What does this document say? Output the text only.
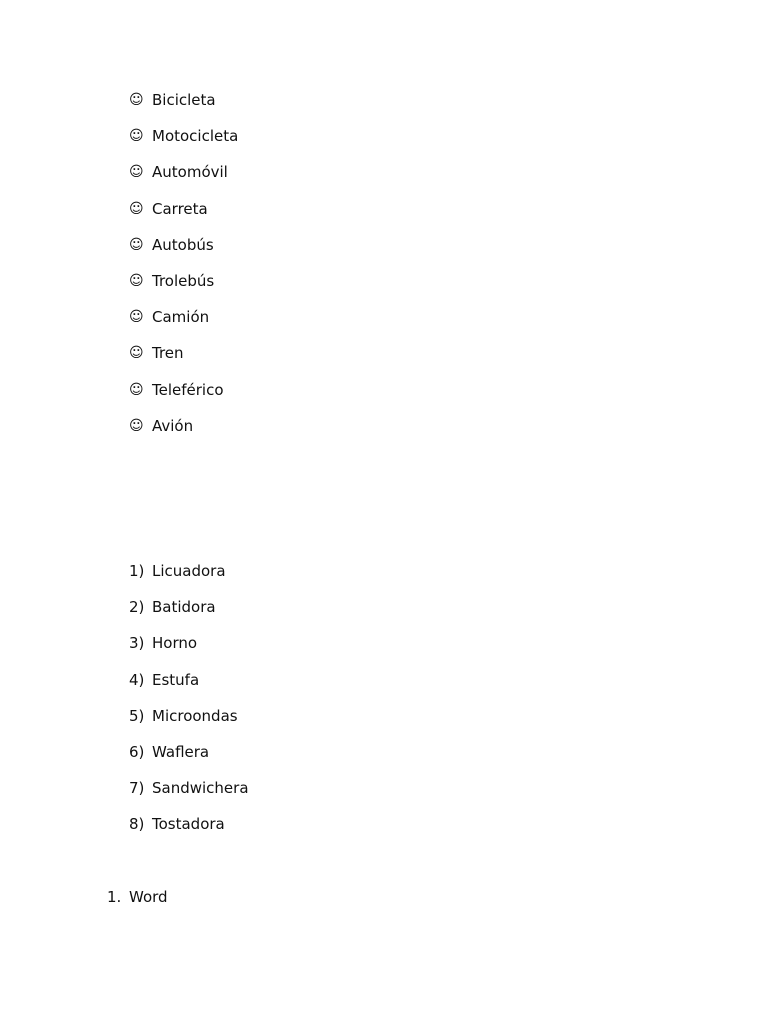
☺ Bicicleta
☺ Motocicleta
☺ Automóvil
☺ Carreta
☺ Autobús
☺ Trolebús
☺ Camión
☺ Tren
☺ Teleférico
☺ Avión
1) Licuadora
2) Batidora
3) Horno
4) Estufa
5) Microondas
6) Waflera
7) Sandwichera
8) Tostadora
1. Word
